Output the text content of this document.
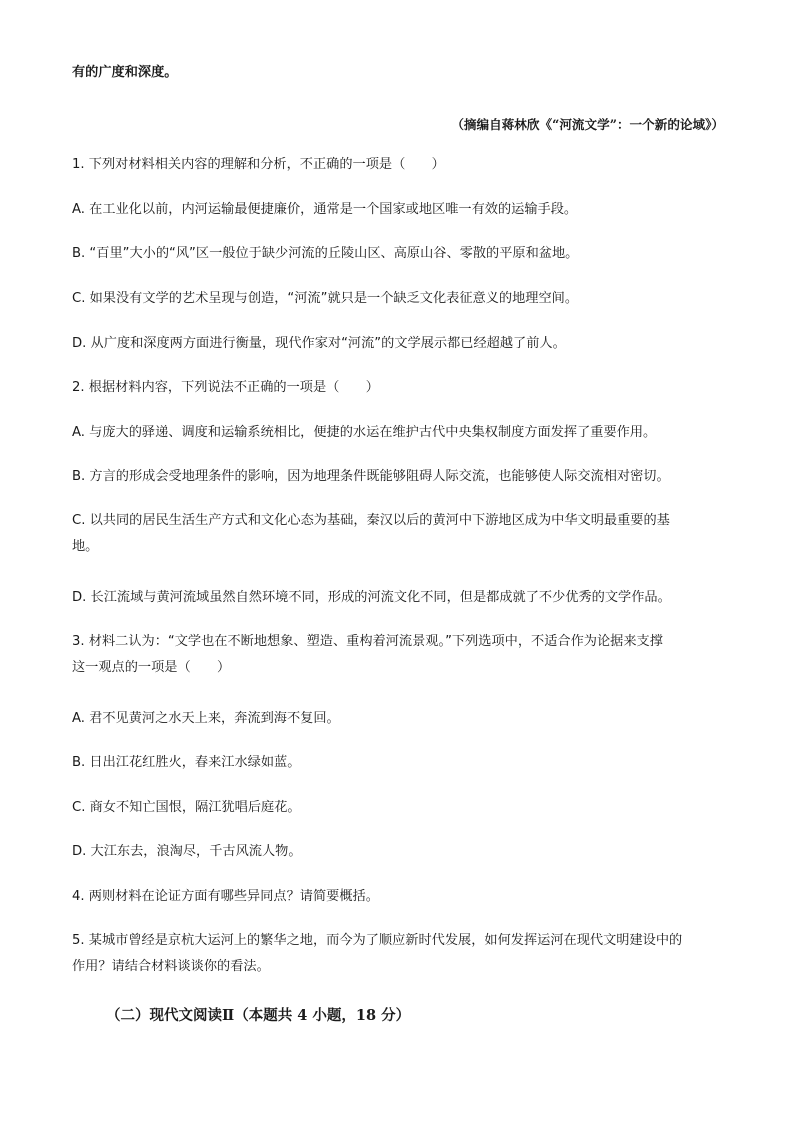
有的广度和深度。
（摘编自蒋林欣《“河流文学”：一个新的论域》）
1. 下列对材料相关内容的理解和分析，不正确的一项是（　　）
A. 在工业化以前，内河运输最便捷廉价，通常是一个国家或地区唯一有效的运输手段。
B. “百里”大小的“风”区一般位于缺少河流的丘陵山区、高原山谷、零散的平原和盆地。
C. 如果没有文学的艺术呈现与创造，“河流”就只是一个缺乏文化表征意义的地理空间。
D. 从广度和深度两方面进行衡量，现代作家对“河流”的文学展示都已经超越了前人。
2. 根据材料内容，下列说法不正确的一项是（　　）
A. 与庞大的驿递、调度和运输系统相比，便捷的水运在维护古代中央集权制度方面发挥了重要作用。
B. 方言的形成会受地理条件的影响，因为地理条件既能够阻碍人际交流，也能够使人际交流相对密切。
C. 以共同的居民生活生产方式和文化心态为基础，秦汉以后的黄河中下游地区成为中华文明最重要的基
地。
D. 长江流域与黄河流域虽然自然环境不同，形成的河流文化不同，但是都成就了不少优秀的文学作品。
3. 材料二认为：“文学也在不断地想象、塑造、重构着河流景观。”下列选项中，不适合作为论据来支撑
这一观点的一项是（　　）
A. 君不见黄河之水天上来，奔流到海不复回。
B. 日出江花红胜火，春来江水绿如蓝。
C. 商女不知亡国恨，隔江犹唱后庭花。
D. 大江东去，浪淘尽，千古风流人物。
4. 两则材料在论证方面有哪些异同点？请简要概括。
5. 某城市曾经是京杭大运河上的繁华之地，而今为了顺应新时代发展，如何发挥运河在现代文明建设中的
作用？请结合材料谈谈你的看法。
（二）现代文阅读Ⅱ（本题共 4 小题，18 分）
